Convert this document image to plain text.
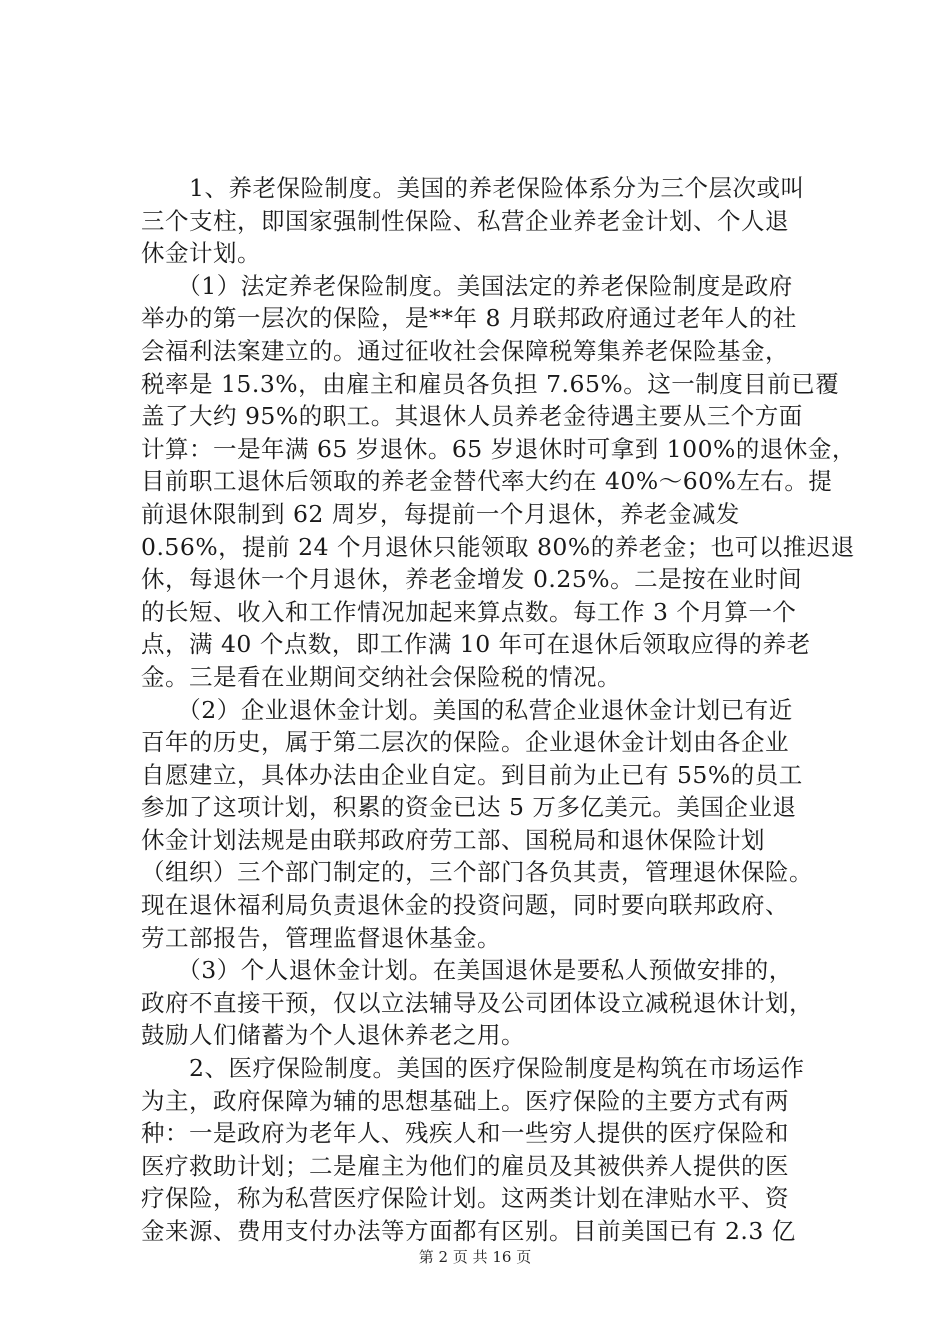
　　1、养老保险制度。美国的养老保险体系分为三个层次或叫
三个支柱，即国家强制性保险、私营企业养老金计划、个人退
休金计划。
　　（1）法定养老保险制度。美国法定的养老保险制度是政府
举办的第一层次的保险，是**年 8 月联邦政府通过老年人的社
会福利法案建立的。通过征收社会保障税筹集养老保险基金，
税率是 15.3%，由雇主和雇员各负担 7.65%。这一制度目前已覆
盖了大约 95%的职工。其退休人员养老金待遇主要从三个方面
计算：一是年满 65 岁退休。65 岁退休时可拿到 100%的退休金，
目前职工退休后领取的养老金替代率大约在 40%～60%左右。提
前退休限制到 62 周岁，每提前一个月退休，养老金减发
0.56%，提前 24 个月退休只能领取 80%的养老金；也可以推迟退
休，每退休一个月退休，养老金增发 0.25%。二是按在业时间
的长短、收入和工作情况加起来算点数。每工作 3 个月算一个
点，满 40 个点数，即工作满 10 年可在退休后领取应得的养老
金。三是看在业期间交纳社会保险税的情况。
　　（2）企业退休金计划。美国的私营企业退休金计划已有近
百年的历史，属于第二层次的保险。企业退休金计划由各企业
自愿建立，具体办法由企业自定。到目前为止已有 55%的员工
参加了这项计划，积累的资金已达 5 万多亿美元。美国企业退
休金计划法规是由联邦政府劳工部、国税局和退休保险计划
（组织）三个部门制定的，三个部门各负其责，管理退休保险。
现在退休福利局负责退休金的投资问题，同时要向联邦政府、
劳工部报告，管理监督退休基金。
　　（3）个人退休金计划。在美国退休是要私人预做安排的，
政府不直接干预，仅以立法辅导及公司团体设立减税退休计划，
鼓励人们储蓄为个人退休养老之用。
　　2、医疗保险制度。美国的医疗保险制度是构筑在市场运作
为主，政府保障为辅的思想基础上。医疗保险的主要方式有两
种：一是政府为老年人、残疾人和一些穷人提供的医疗保险和
医疗救助计划；二是雇主为他们的雇员及其被供养人提供的医
疗保险，称为私营医疗保险计划。这两类计划在津贴水平、资
金来源、费用支付办法等方面都有区别。目前美国已有 2.3 亿
第 2 页 共 16 页
